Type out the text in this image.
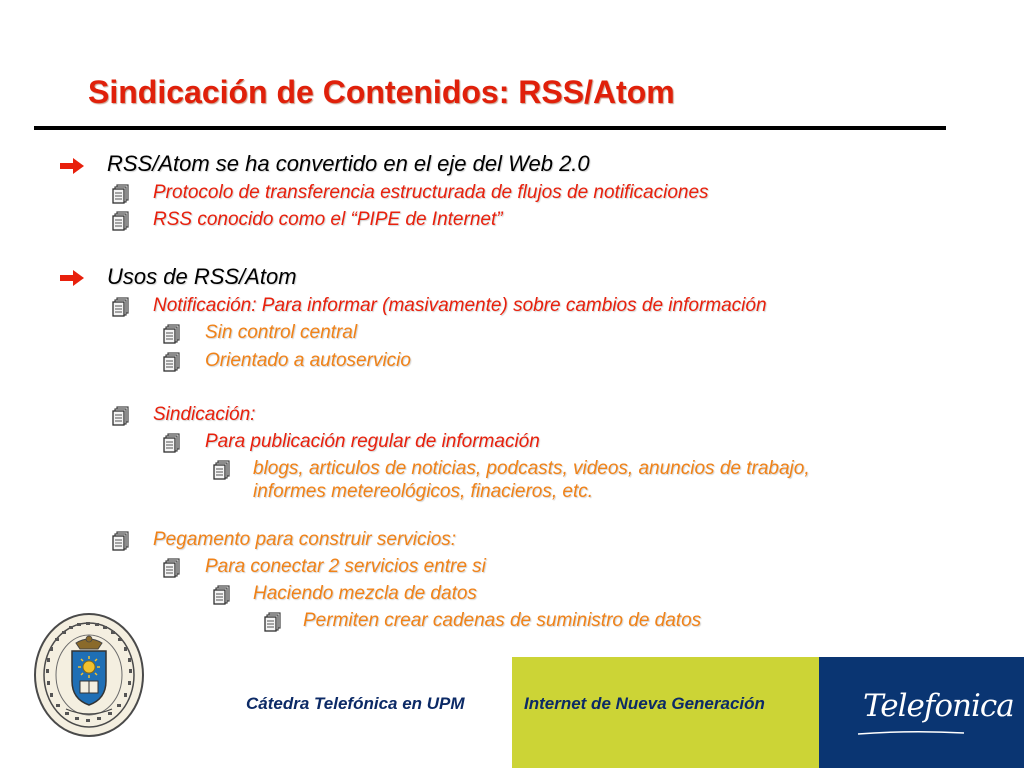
Sindicación de Contenidos: RSS/Atom
RSS/Atom se ha convertido en el eje del Web 2.0
Protocolo de transferencia estructurada de flujos de notificaciones
RSS conocido como el “PIPE de Internet”
Usos de RSS/Atom
Notificación: Para informar (masivamente) sobre cambios de información
Sin control central
Orientado a autoservicio
Sindicación:
Para publicación regular de información
blogs, articulos de noticias, podcasts, videos, anuncios de trabajo,
informes metereológicos, finacieros, etc.
Pegamento para construir servicios:
Para conectar 2 servicios entre si
Haciendo mezcla de datos
Permiten crear cadenas de suministro de datos
Cátedra Telefónica en UPM	Internet de Nueva Generación	Telefonica
